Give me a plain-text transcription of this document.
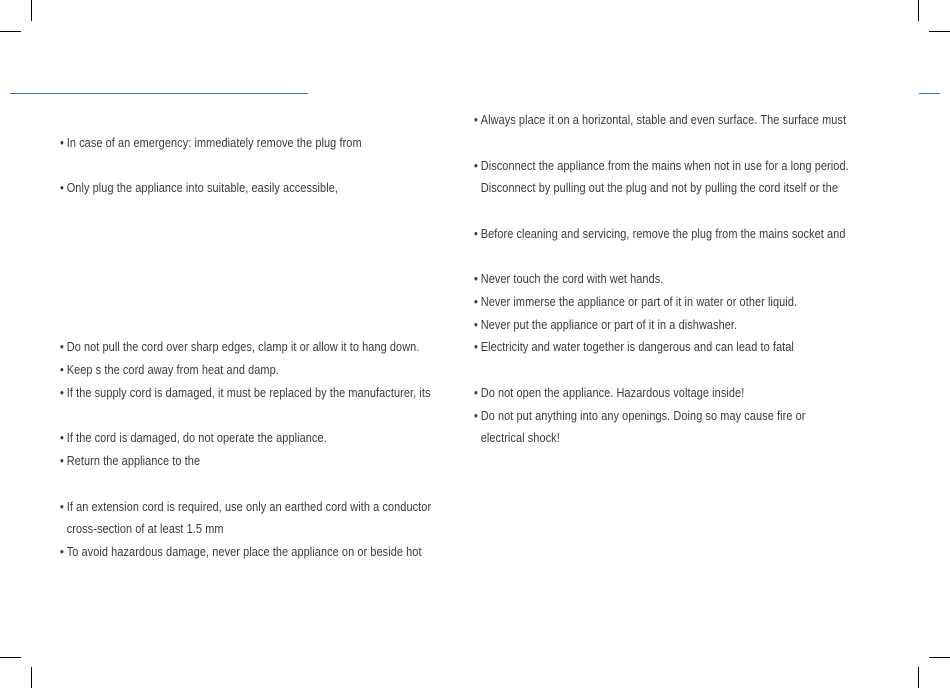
• In case of an emergency: immediately remove the plug from
• Only plug the appliance into suitable, easily accessible,
• Do not pull the cord over sharp edges, clamp it or allow it to hang down.
• Keep s the cord away from heat and damp.
• If the supply cord is damaged, it must be replaced by the manufacturer, its
• If the cord is damaged, do not operate the appliance.
• Return the appliance to the
• If an extension cord is required, use only an earthed cord with a conductor
cross-section of at least 1.5 mm
• To avoid hazardous damage, never place the appliance on or beside hot
• Always place it on a horizontal, stable and even surface. The surface must
• Disconnect the appliance from the mains when not in use for a long period.
Disconnect by pulling out the plug and not by pulling the cord itself or the
• Before cleaning and servicing, remove the plug from the mains socket and
• Never touch the cord with wet hands.
• Never immerse the appliance or part of it in water or other liquid.
• Never put the appliance or part of it in a dishwasher.
• Electricity and water together is dangerous and can lead to fatal
• Do not open the appliance. Hazardous voltage inside!
• Do not put anything into any openings. Doing so may cause fire or
electrical shock!
